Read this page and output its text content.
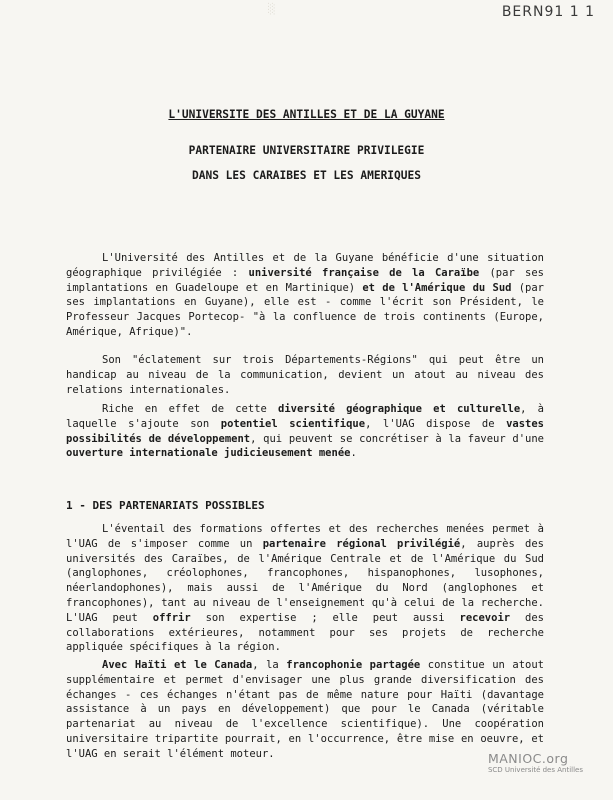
░	BERN91 1 1
L'UNIVERSITE DES ANTILLES ET DE LA GUYANE
PARTENAIRE UNIVERSITAIRE PRIVILEGIE
DANS LES CARAIBES ET LES AMERIQUES

L'Université des Antilles et de la Guyane bénéficie d'une situation géographique privilégiée : université française de la Caraïbe (par ses implantations en Guadeloupe et en Martinique) et de l'Amérique du Sud (par ses implantations en Guyane), elle est - comme l'écrit son Président, le Professeur Jacques Portecop- "à la confluence de trois continents (Europe, Amérique, Afrique)".

Son "éclatement sur trois Départements-Régions" qui peut être un handicap au niveau de la communication, devient un atout au niveau des relations internationales.

Riche en effet de cette diversité géographique et culturelle, à laquelle s'ajoute son potentiel scientifique, l'UAG dispose de vastes possibilités de développement, qui peuvent se concrétiser à la faveur d'une ouverture internationale judicieusement menée.

1 - DES PARTENARIATS POSSIBLES

L'éventail des formations offertes et des recherches menées permet à l'UAG de s'imposer comme un partenaire régional privilégié, auprès des universités des Caraïbes, de l'Amérique Centrale et de l'Amérique du Sud (anglophones, créolophones, francophones, hispanophones, lusophones, néerlandophones), mais aussi de l'Amérique du Nord (anglophones et francophones), tant au niveau de l'enseignement qu'à celui de la recherche. L'UAG peut offrir son expertise ; elle peut aussi recevoir des collaborations extérieures, notamment pour ses projets de recherche appliquée spécifiques à la région.

Avec Haïti et le Canada, la francophonie partagée constitue un atout supplémentaire et permet d'envisager une plus grande diversification des échanges - ces échanges n'étant pas de même nature pour Haïti (davantage assistance à un pays en développement) que pour le Canada (véritable partenariat au niveau de l'excellence scientifique). Une coopération universitaire tripartite pourrait, en l'occurrence, être mise en oeuvre, et l'UAG en serait l'élément moteur.	MANIOC.org
SCD Université des Antilles
